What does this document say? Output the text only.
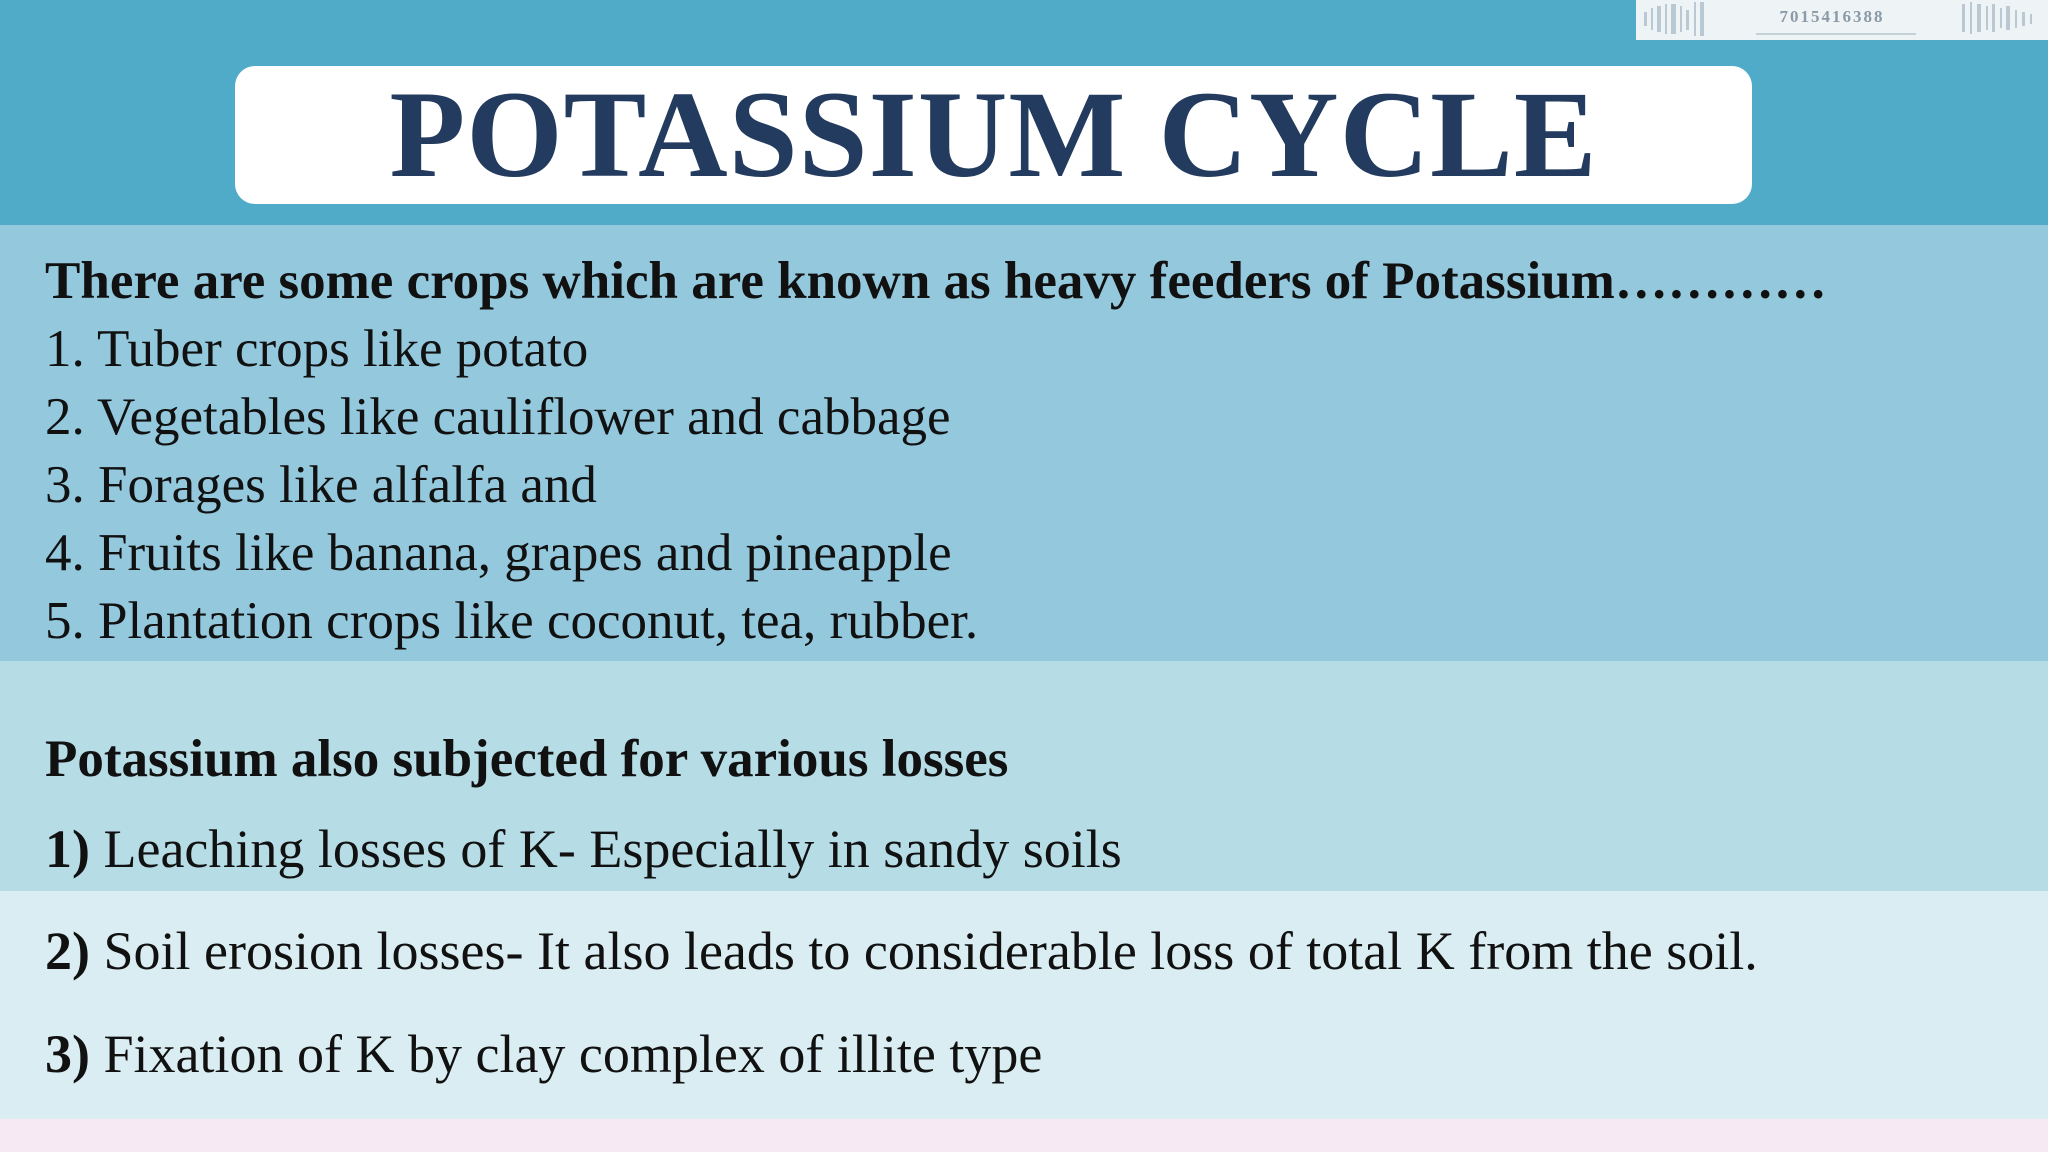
7015416388
POTASSIUM CYCLE
There are some crops which are known as heavy feeders of Potassium…………
1. Tuber crops like potato
2. Vegetables like cauliflower and cabbage
3. Forages like alfalfa and
4. Fruits like banana, grapes and pineapple
5. Plantation crops like coconut, tea, rubber.
Potassium also subjected for various losses
1) Leaching losses of K- Especially in sandy soils
2) Soil erosion losses- It also leads to considerable loss of total K from the soil.
3) Fixation of K by clay complex of illite type
